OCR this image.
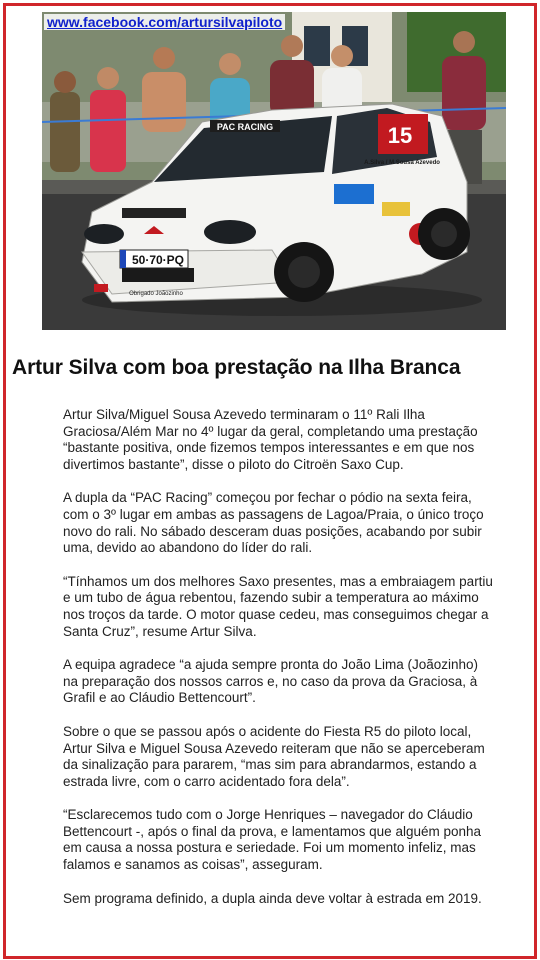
www.facebook.com/artursilvapiloto
PAC RACING	15
A.Silva / M.Sousa Azevedo
50·70·PQ
Obrigado Joãozinho
Artur Silva com boa prestação na Ilha Branca

Artur Silva/Miguel Sousa Azevedo terminaram o 11º Rali Ilha Graciosa/Além Mar no 4º lugar da geral, completando uma prestação “bastante positiva, onde fizemos tempos interessantes e em que nos divertimos bastante”, disse o piloto do Citroën Saxo Cup.

A dupla da “PAC Racing” começou por fechar o pódio na sexta feira, com o 3º lugar em ambas as passagens de Lagoa/Praia, o único troço novo do rali. No sábado desceram duas posições, acabando por subir uma, devido ao abandono do líder do rali.

“Tínhamos um dos melhores Saxo presentes, mas a embraiagem partiu e um tubo de água rebentou, fazendo subir a temperatura ao máximo nos troços da tarde. O motor quase cedeu, mas conseguimos chegar a Santa Cruz”, resume Artur Silva.

A equipa agradece “a ajuda sempre pronta do João Lima (Joãozinho) na preparação dos nossos carros e, no caso da prova da Graciosa, à Grafil e ao Cláudio Bettencourt”.

Sobre o que se passou após o acidente do Fiesta R5 do piloto local, Artur Silva e Miguel Sousa Azevedo reiteram que não se aperceberam da sinalização para pararem, “mas sim para abrandarmos, estando a estrada livre, com o carro acidentado fora dela”.

“Esclarecemos tudo com o Jorge Henriques – navegador do Cláudio Bettencourt -, após o final da prova, e lamentamos que alguém ponha em causa a nossa postura e seriedade. Foi um momento infeliz, mas falamos e sanamos as coisas”, asseguram.

Sem programa definido, a dupla ainda deve voltar à estrada em 2019.
